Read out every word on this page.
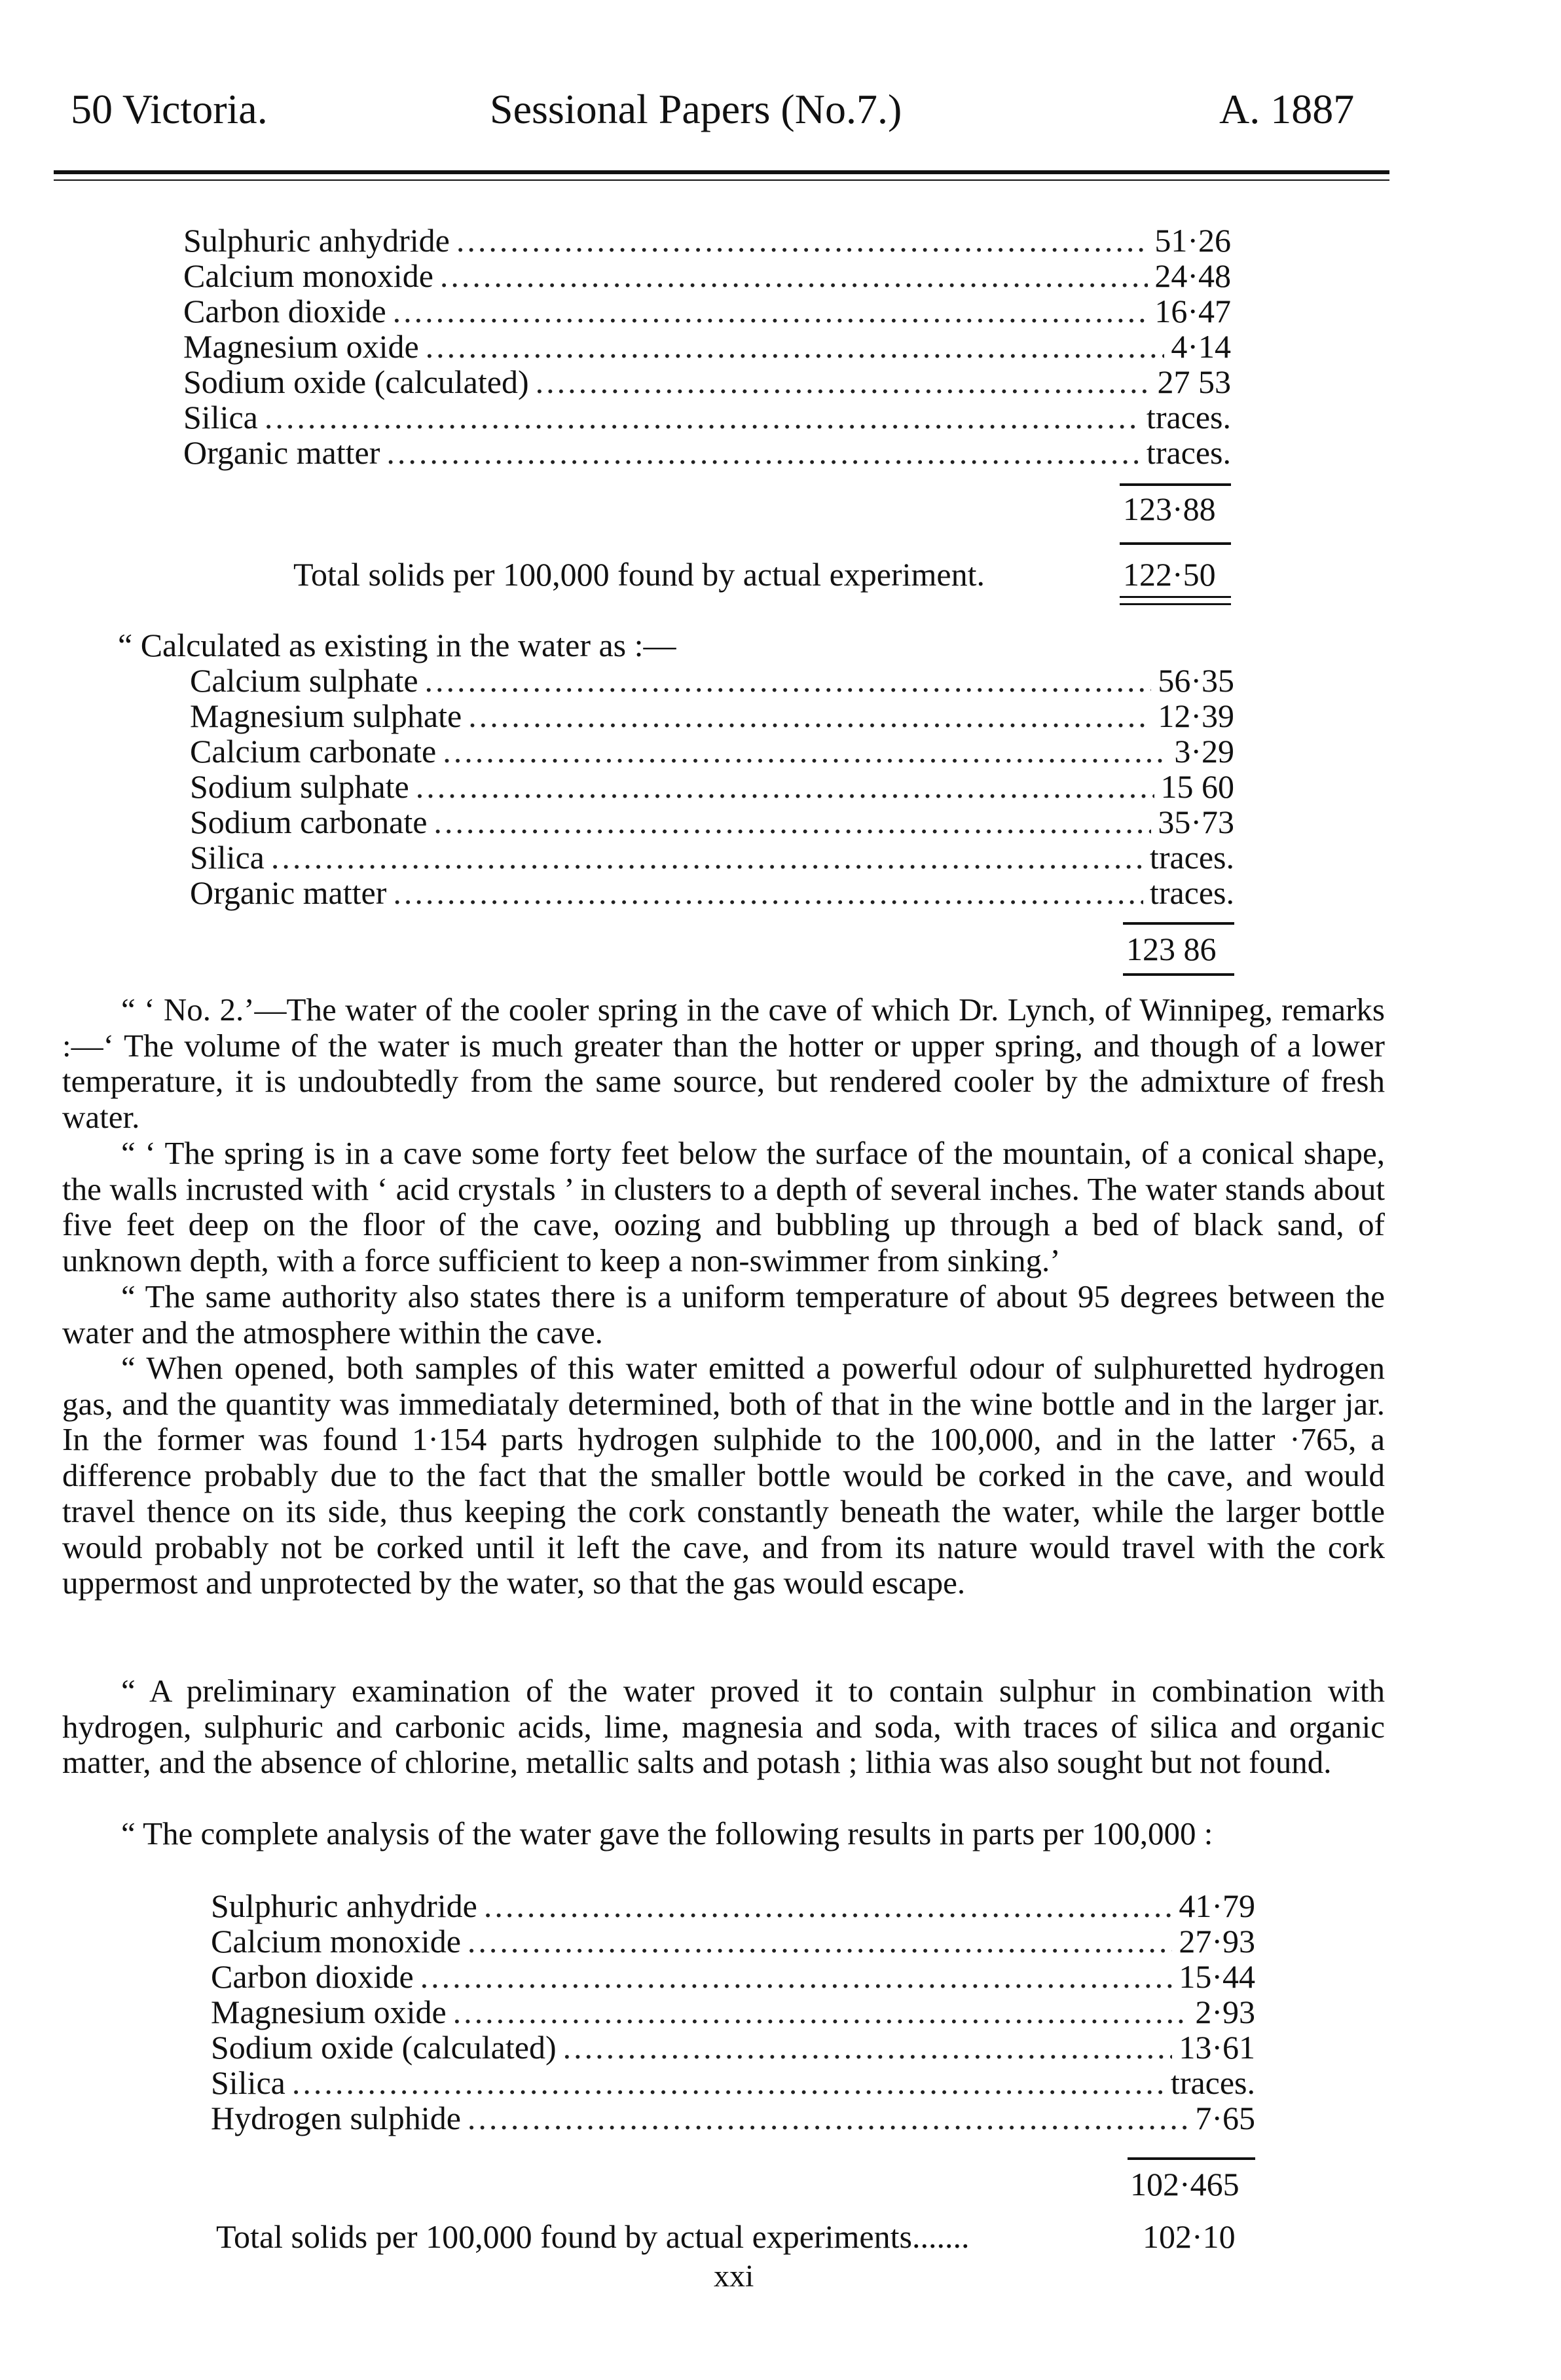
50 Victoria.	Sessional Papers (No.7.)	A. 1887
Sulphuric anhydride .....	51·26
Calcium monoxide .....	24·48
Carbon dioxide .....	16·47
Magnesium oxide .....	4·14
Sodium oxide (calculated) .....	27 53
Silica .....	traces.
Organic matter .....	traces.
123·88
Total solids per 100,000 found by actual experiment.	122·50
“ Calculated as existing in the water as :—
Calcium sulphate .....	56·35
Magnesium sulphate .....	12·39
Calcium carbonate .....	3·29
Sodium sulphate .....	15 60
Sodium carbonate .....	35·73
Silica .....	traces.
Organic matter .....	traces.
123 86

“ ‘ No. 2.’—The water of the cooler spring in the cave of which Dr. Lynch, of Winnipeg, remarks :—‘ The volume of the water is much greater than the hotter or upper spring, and though of a lower temperature, it is undoubtedly from the same source, but rendered cooler by the admixture of fresh water.

“ ‘ The spring is in a cave some forty feet below the surface of the mountain, of a conical shape, the walls incrusted with ‘ acid crystals ’ in clusters to a depth of several inches. The water stands about five feet deep on the floor of the cave, oozing and bubbling up through a bed of black sand, of unknown depth, with a force sufficient to keep a non-swimmer from sinking.’

“ The same authority also states there is a uniform temperature of about 95 degrees between the water and the atmosphere within the cave.

“ When opened, both samples of this water emitted a powerful odour of sulphuretted hydrogen gas, and the quantity was immediataly determined, both of that in the wine bottle and in the larger jar. In the former was found 1·154 parts hydrogen sulphide to the 100,000, and in the latter ·765, a difference probably due to the fact that the smaller bottle would be corked in the cave, and would travel thence on its side, thus keeping the cork constantly beneath the water, while the larger bottle would probably not be corked until it left the cave, and from its nature would travel with the cork uppermost and unprotected by the water, so that the gas would escape.

“ A preliminary examination of the water proved it to contain sulphur in combination with hydrogen, sulphuric and carbonic acids, lime, magnesia and soda, with traces of silica and organic matter, and the absence of chlorine, metallic salts and potash ; lithia was also sought but not found.

“ The complete analysis of the water gave the following results in parts per 100,000 :

Sulphuric anhydride .....	41·79
Calcium monoxide .....	27·93
Carbon dioxide .....	15·44
Magnesium oxide .....	2·93
Sodium oxide (calculated) .....	13·61
Silica .....	traces.
Hydrogen sulphide .....	7·65
102·465
Total solids per 100,000 found by actual experiments.......	102·10
xxi
